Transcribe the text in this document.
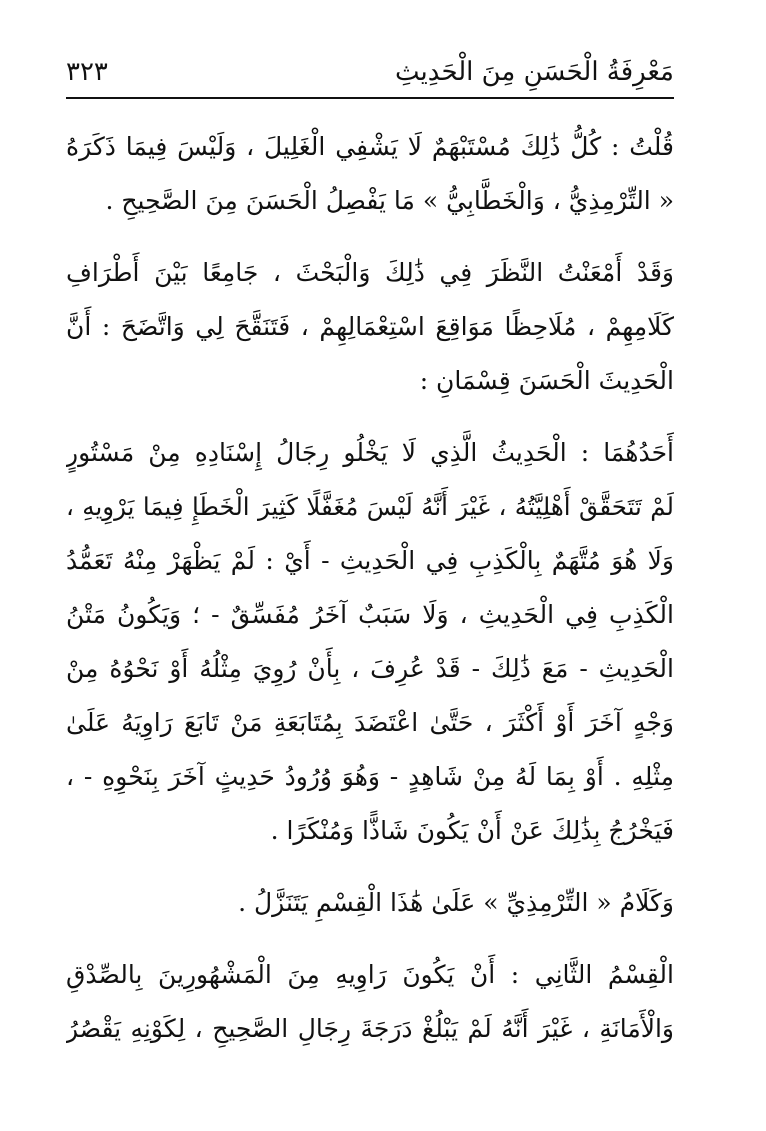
مَعْرِفَةُ الْحَسَنِ مِنَ الْحَدِيثِ
٣٢٣
قُلْتُ : كُلُّ ذَٰلِكَ مُسْتَبْهَمٌ لَا يَشْفِي الْغَلِيلَ ، وَلَيْسَ فِيمَا ذَكَرَهُ
« التِّرْمِذِيُّ ، وَالْخَطَّابِيُّ » مَا يَفْصِلُ الْحَسَنَ مِنَ الصَّحِيحِ .
وَقَدْ أَمْعَنْتُ النَّظَرَ فِي ذَٰلِكَ وَالْبَحْثَ ، جَامِعًا بَيْنَ أَطْرَافِ
كَلَامِهِمْ ، مُلَاحِظًا مَوَاقِعَ اسْتِعْمَالِهِمْ ، فَتَنَقَّحَ لِي وَاتَّضَحَ : أَنَّ
الْحَدِيثَ الْحَسَنَ قِسْمَانِ :
أَحَدُهُمَا : الْحَدِيثُ الَّذِي لَا يَخْلُو رِجَالُ إِسْنَادِهِ مِنْ مَسْتُورٍ
لَمْ تَتَحَقَّقْ أَهْلِيَّتُهُ ، غَيْرَ أَنَّهُ لَيْسَ مُغَفَّلًا كَثِيرَ الْخَطَإِ فِيمَا يَرْوِيهِ ،
وَلَا هُوَ مُتَّهَمٌ بِالْكَذِبِ فِي الْحَدِيثِ - أَيْ : لَمْ يَظْهَرْ مِنْهُ تَعَمُّدُ
الْكَذِبِ فِي الْحَدِيثِ ، وَلَا سَبَبٌ آخَرُ مُفَسِّقٌ - ؛ وَيَكُونُ مَتْنُ
الْحَدِيثِ - مَعَ ذَٰلِكَ - قَدْ عُرِفَ ، بِأَنْ رُوِيَ مِثْلُهُ أَوْ نَحْوُهُ مِنْ
وَجْهٍ آخَرَ أَوْ أَكْثَرَ ، حَتَّىٰ اعْتَضَدَ بِمُتَابَعَةِ مَنْ تَابَعَ رَاوِيَهُ عَلَىٰ
مِثْلِهِ . أَوْ بِمَا لَهُ مِنْ شَاهِدٍ - وَهُوَ وُرُودُ حَدِيثٍ آخَرَ بِنَحْوِهِ - ،
فَيَخْرُجُ بِذَٰلِكَ عَنْ أَنْ يَكُونَ شَاذًّا وَمُنْكَرًا .
وَكَلَامُ « التِّرْمِذِيِّ » عَلَىٰ هَٰذَا الْقِسْمِ يَتَنَزَّلُ .
الْقِسْمُ الثَّانِي : أَنْ يَكُونَ رَاوِيهِ مِنَ الْمَشْهُورِينَ بِالصِّدْقِ
وَالْأَمَانَةِ ، غَيْرَ أَنَّهُ لَمْ يَبْلُغْ دَرَجَةَ رِجَالِ الصَّحِيحِ ، لِكَوْنِهِ يَقْصُرُ
